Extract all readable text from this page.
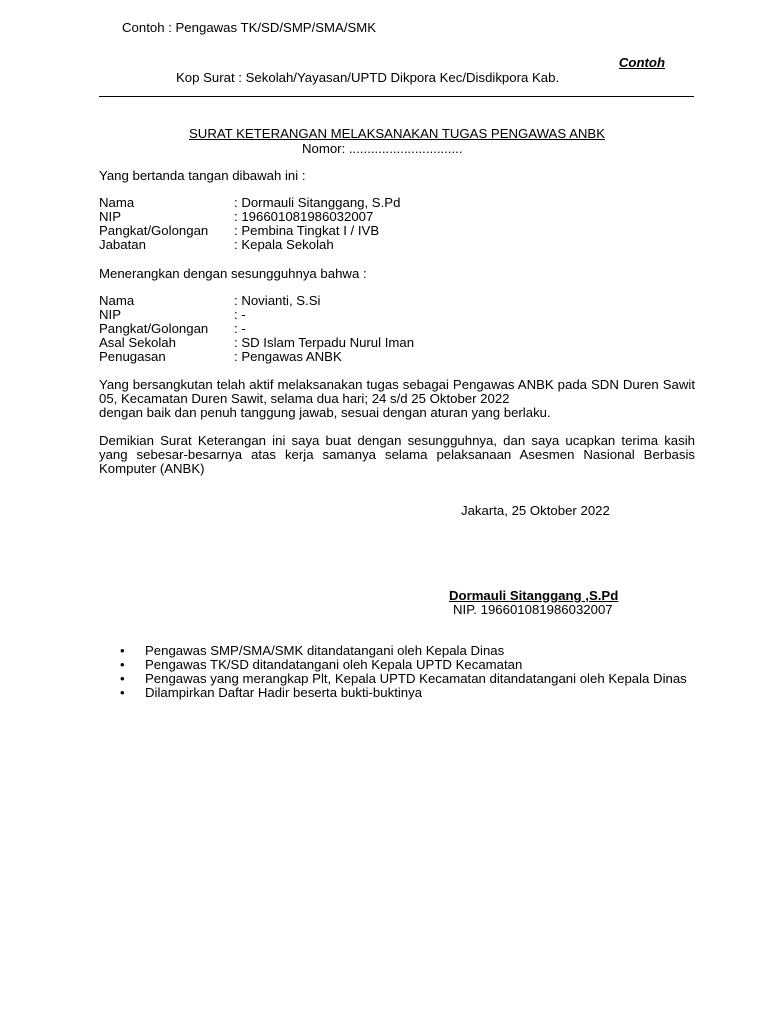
Contoh : Pengawas TK/SD/SMP/SMA/SMK
Contoh
Kop Surat : Sekolah/Yayasan/UPTD Dikpora Kec/Disdikpora Kab.
SURAT KETERANGAN MELAKSANAKAN TUGAS PENGAWAS ANBK
Nomor: ...............................
Yang bertanda tangan dibawah ini :
Nama	: Dormauli Sitanggang, S.Pd
NIP	: 196601081986032007
Pangkat/Golongan	: Pembina Tingkat I / IVB
Jabatan	: Kepala Sekolah
Menerangkan dengan sesungguhnya bahwa :
Nama	: Novianti, S.Si
NIP	: -
Pangkat/Golongan	: -
Asal Sekolah	: SD Islam Terpadu Nurul Iman
Penugasan	: Pengawas ANBK
Yang bersangkutan telah aktif melaksanakan tugas sebagai Pengawas ANBK pada SDN Duren Sawit 05, Kecamatan Duren Sawit, selama dua hari; 24 s/d 25 Oktober 2022
dengan baik dan penuh tanggung jawab, sesuai dengan aturan yang berlaku.
Demikian Surat Keterangan ini saya buat dengan sesungguhnya, dan saya ucapkan terima kasih yang sebesar-besarnya atas kerja samanya selama pelaksanaan Asesmen Nasional Berbasis Komputer (ANBK)
Jakarta, 25 Oktober 2022
Dormauli Sitanggang ,S.Pd
NIP. 196601081986032007
• Pengawas SMP/SMA/SMK ditandatangani oleh Kepala Dinas
• Pengawas TK/SD ditandatangani oleh Kepala UPTD Kecamatan
• Pengawas yang merangkap Plt, Kepala UPTD Kecamatan ditandatangani oleh Kepala Dinas
• Dilampirkan Daftar Hadir beserta bukti-buktinya
